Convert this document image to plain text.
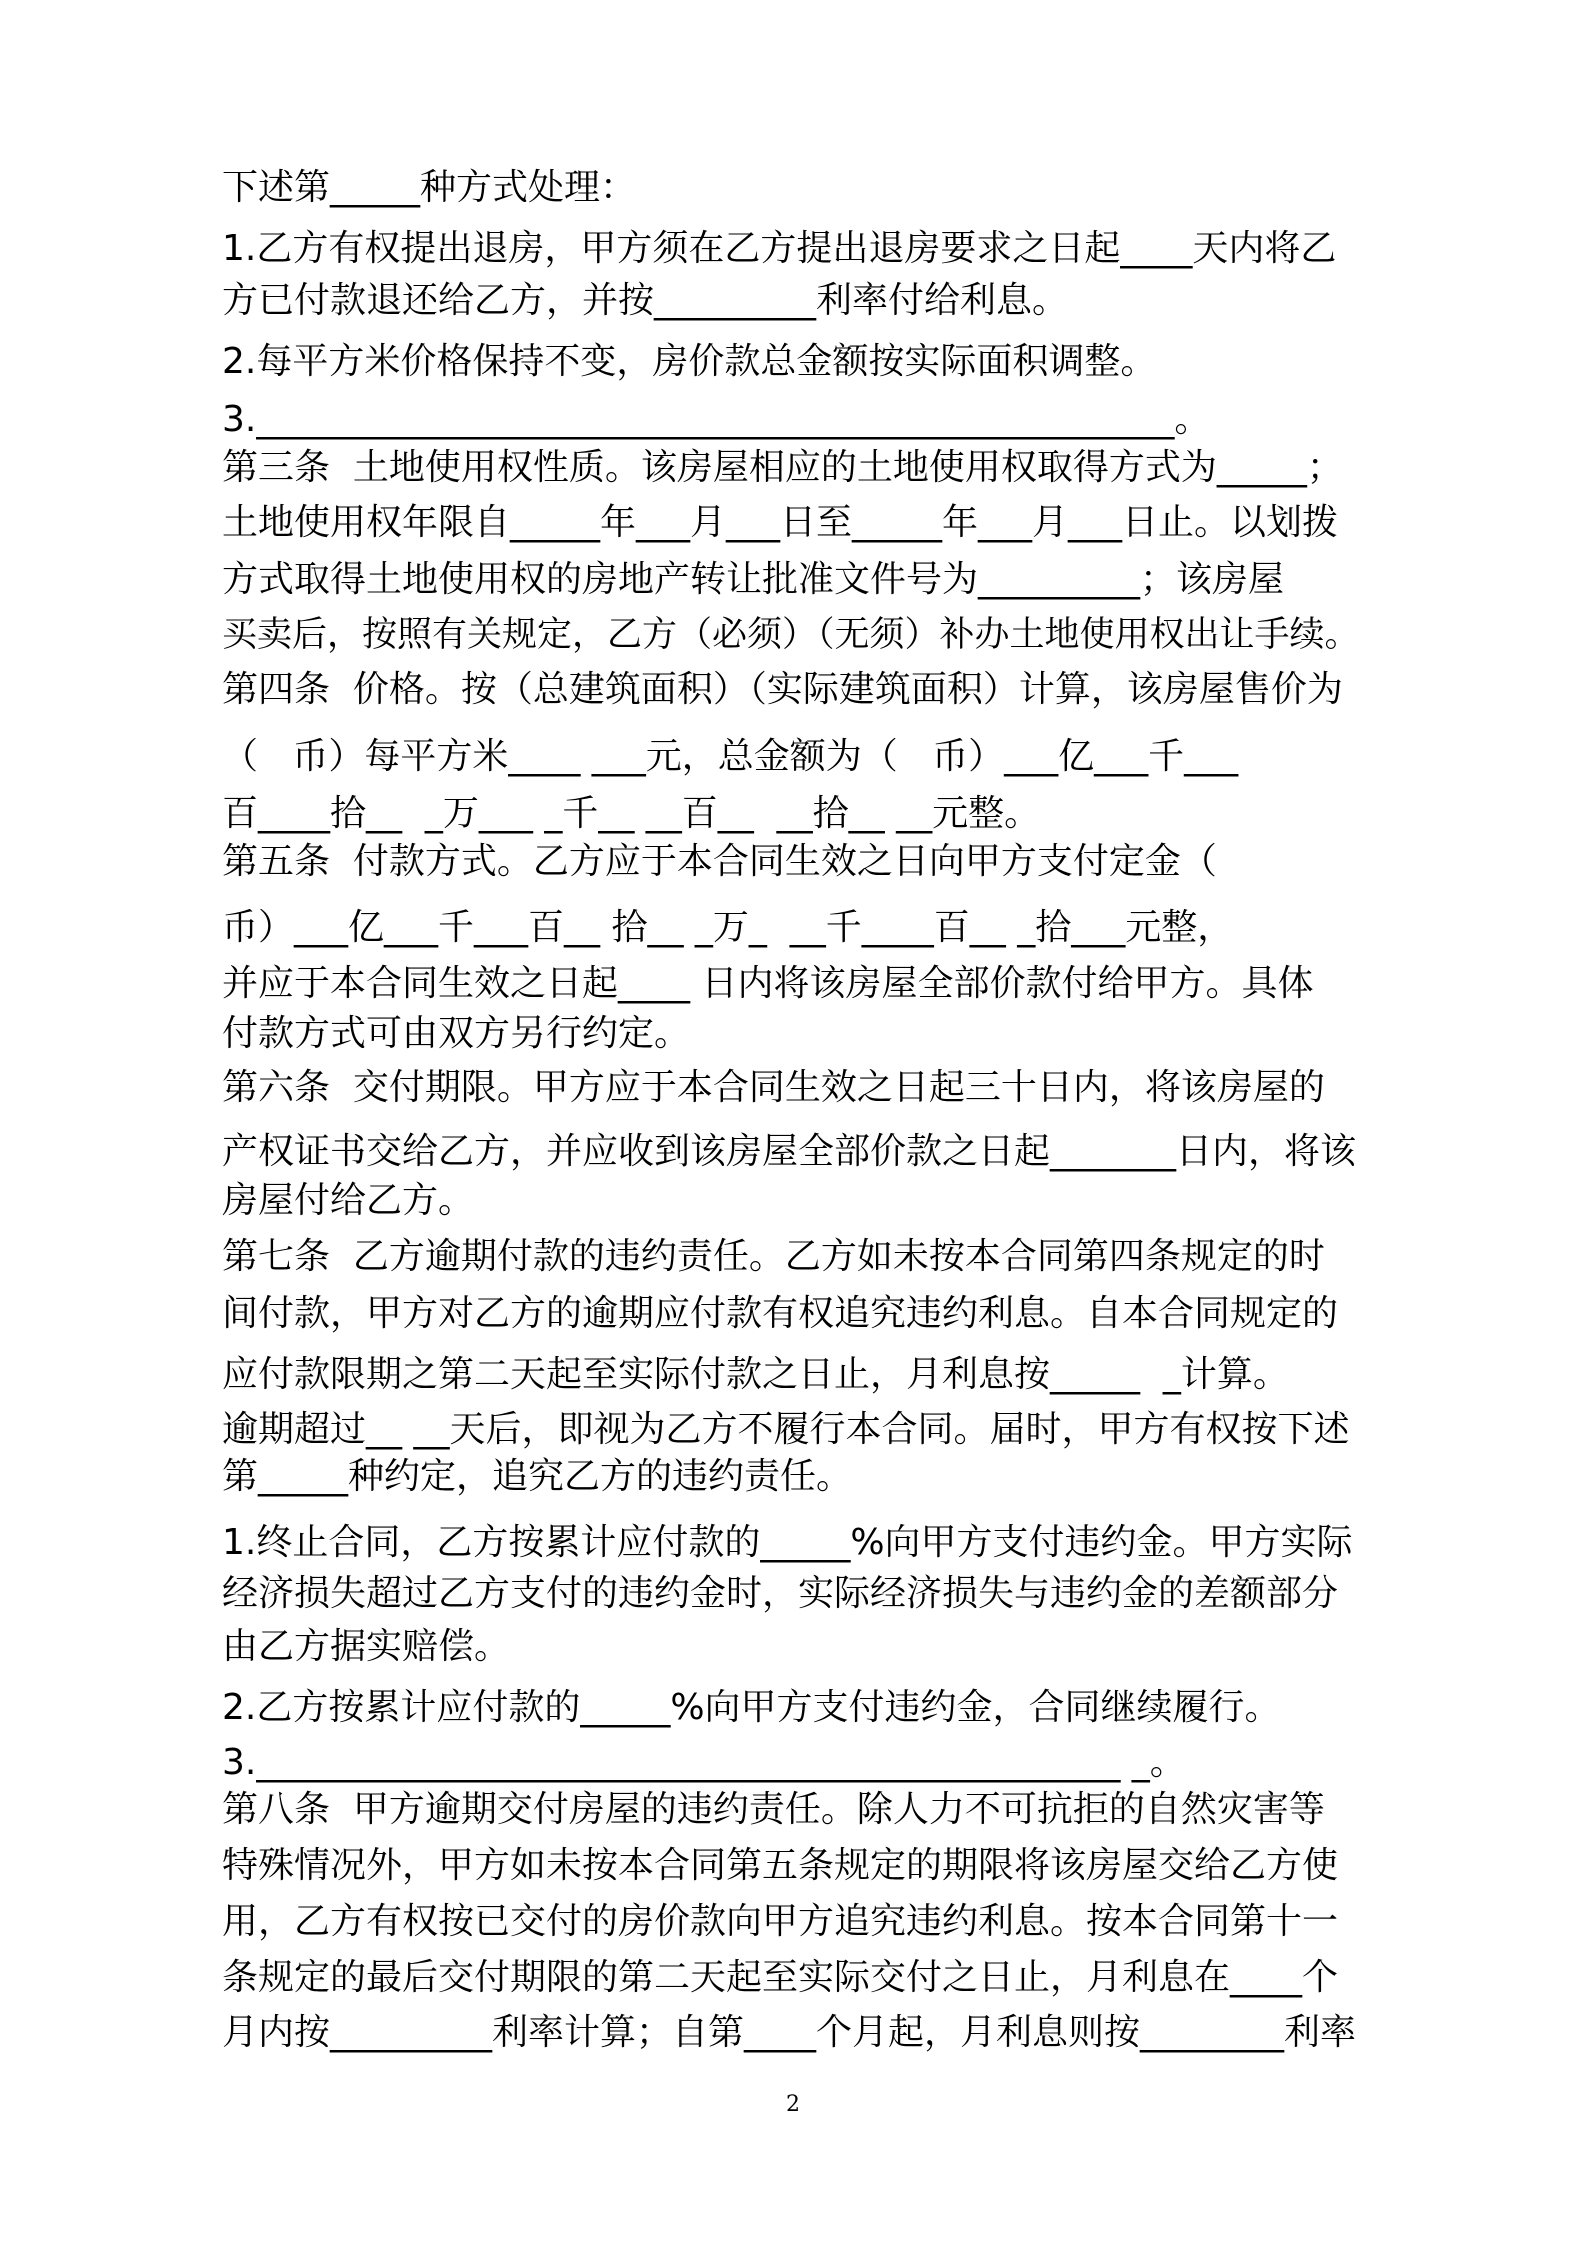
下述第_____种方式处理：
1.乙方有权提出退房，甲方须在乙方提出退房要求之日起____天内将乙
方已付款退还给乙方，并按_________利率付给利息。
2.每平方米价格保持不变，房价款总金额按实际面积调整。
3.___________________________________________________。
第三条  土地使用权性质。该房屋相应的土地使用权取得方式为_____；
土地使用权年限自_____年___月___日至_____年___月___日止。以划拨
方式取得土地使用权的房地产转让批准文件号为_________；该房屋
买卖后，按照有关规定，乙方（必须）（无须）补办土地使用权出让手续。
第四条  价格。按（总建筑面积）（实际建筑面积）计算，该房屋售价为
（   币）每平方米____ ___元，总金额为（   币）___亿___千___
百____拾__  _万___ _千__ __百__  __拾__ __元整。
第五条  付款方式。乙方应于本合同生效之日向甲方支付定金（
币）___亿___千___百__ 拾__ _万_  __千____百__ _拾___元整，
并应于本合同生效之日起____ 日内将该房屋全部价款付给甲方。具体
付款方式可由双方另行约定。
第六条  交付期限。甲方应于本合同生效之日起三十日内，将该房屋的
产权证书交给乙方，并应收到该房屋全部价款之日起_______日内，将该
房屋付给乙方。
第七条  乙方逾期付款的违约责任。乙方如未按本合同第四条规定的时
间付款，甲方对乙方的逾期应付款有权追究违约利息。自本合同规定的
应付款限期之第二天起至实际付款之日止，月利息按_____  _计算。
逾期超过__ __天后，即视为乙方不履行本合同。届时，甲方有权按下述
第_____种约定，追究乙方的违约责任。
1.终止合同，乙方按累计应付款的_____%向甲方支付违约金。甲方实际
经济损失超过乙方支付的违约金时，实际经济损失与违约金的差额部分
由乙方据实赔偿。
2.乙方按累计应付款的_____%向甲方支付违约金，合同继续履行。
3.________________________________________________ _。
第八条  甲方逾期交付房屋的违约责任。除人力不可抗拒的自然灾害等
特殊情况外，甲方如未按本合同第五条规定的期限将该房屋交给乙方使
用，乙方有权按已交付的房价款向甲方追究违约利息。按本合同第十一
条规定的最后交付期限的第二天起至实际交付之日止，月利息在____个
月内按_________利率计算；自第____个月起，月利息则按________利率
2
